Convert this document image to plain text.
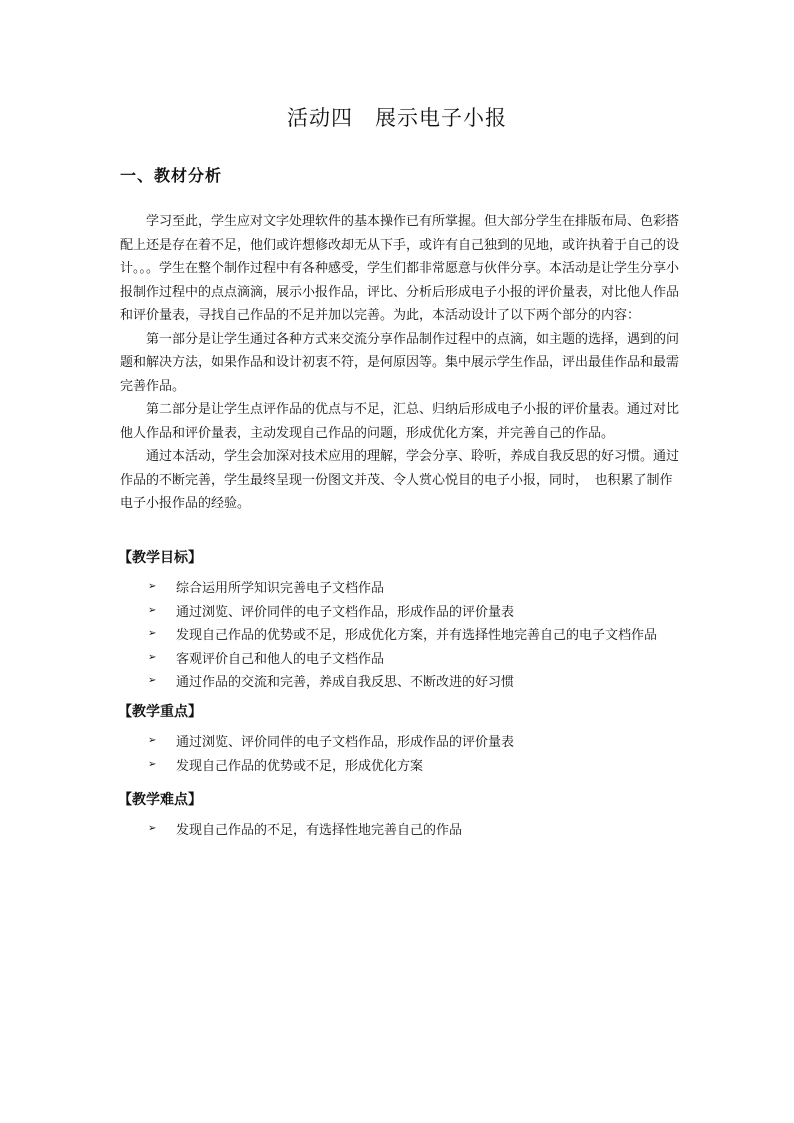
活动四　展示电子小报
一、教材分析

学习至此，学生应对文字处理软件的基本操作已有所掌握。但大部分学生在排版布局、色彩搭配上还是存在着不足，他们或许想修改却无从下手，或许有自己独到的见地，或许执着于自己的设计。。。学生在整个制作过程中有各种感受，学生们都非常愿意与伙伴分享。本活动是让学生分享小报制作过程中的点点滴滴，展示小报作品，评比、分析后形成电子小报的评价量表，对比他人作品和评价量表，寻找自己作品的不足并加以完善。为此，本活动设计了以下两个部分的内容：

第一部分是让学生通过各种方式来交流分享作品制作过程中的点滴，如主题的选择，遇到的问题和解决方法，如果作品和设计初衷不符，是何原因等。集中展示学生作品，评出最佳作品和最需完善作品。

第二部分是让学生点评作品的优点与不足，汇总、归纳后形成电子小报的评价量表。通过对比他人作品和评价量表，主动发现自己作品的问题，形成优化方案，并完善自己的作品。

通过本活动，学生会加深对技术应用的理解，学会分享、聆听，养成自我反思的好习惯。通过作品的不断完善，学生最终呈现一份图文并茂、令人赏心悦目的电子小报，同时，　也积累了制作电子小报作品的经验。

【教学目标】
➢	综合运用所学知识完善电子文档作品
➢	通过浏览、评价同伴的电子文档作品，形成作品的评价量表
➢	发现自己作品的优势或不足，形成优化方案，并有选择性地完善自己的电子文档作品
➢	客观评价自己和他人的电子文档作品
➢	通过作品的交流和完善，养成自我反思、不断改进的好习惯
【教学重点】
➢	通过浏览、评价同伴的电子文档作品，形成作品的评价量表
➢	发现自己作品的优势或不足，形成优化方案
【教学难点】
➢	发现自己作品的不足，有选择性地完善自己的作品
